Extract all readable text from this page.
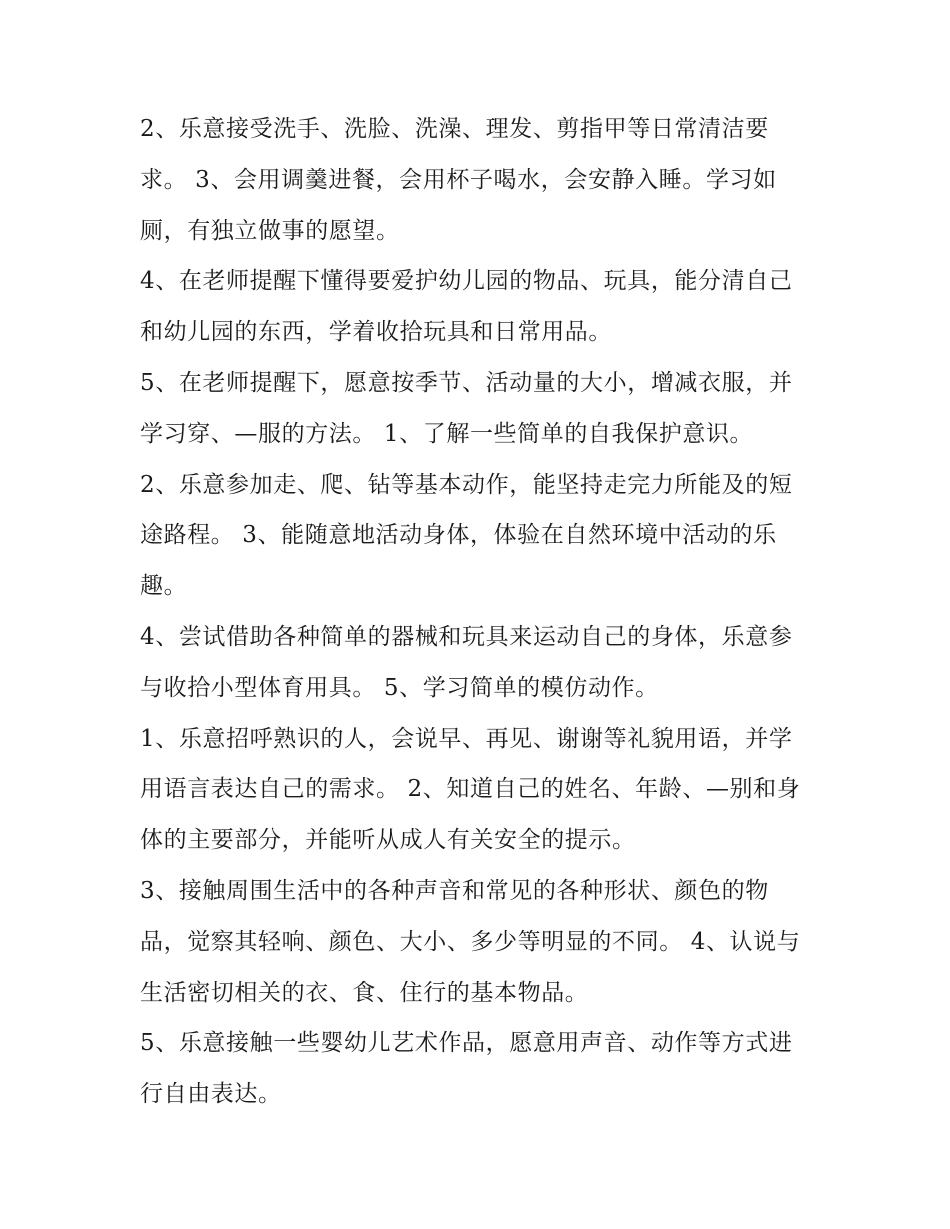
2、乐意接受洗手、洗脸、洗澡、理发、剪指甲等日常清洁要求。 3、会用调羹进餐，会用杯子喝水，会安静入睡。学习如厕，有独立做事的愿望。

4、在老师提醒下懂得要爱护幼儿园的物品、玩具，能分清自己和幼儿园的东西，学着收拾玩具和日常用品。

5、在老师提醒下，愿意按季节、活动量的大小，增减衣服，并学习穿、—服的方法。 1、了解一些简单的自我保护意识。

2、乐意参加走、爬、钻等基本动作，能坚持走完力所能及的短途路程。 3、能随意地活动身体，体验在自然环境中活动的乐趣。

4、尝试借助各种简单的器械和玩具来运动自己的身体，乐意参与收拾小型体育用具。 5、学习简单的模仿动作。

1、乐意招呼熟识的人，会说早、再见、谢谢等礼貌用语，并学用语言表达自己的需求。 2、知道自己的姓名、年龄、—别和身体的主要部分，并能听从成人有关安全的提示。

3、接触周围生活中的各种声音和常见的各种形状、颜色的物品，觉察其轻响、颜色、大小、多少等明显的不同。 4、认说与生活密切相关的衣、食、住行的基本物品。

5、乐意接触一些婴幼儿艺术作品，愿意用声音、动作等方式进行自由表达。
